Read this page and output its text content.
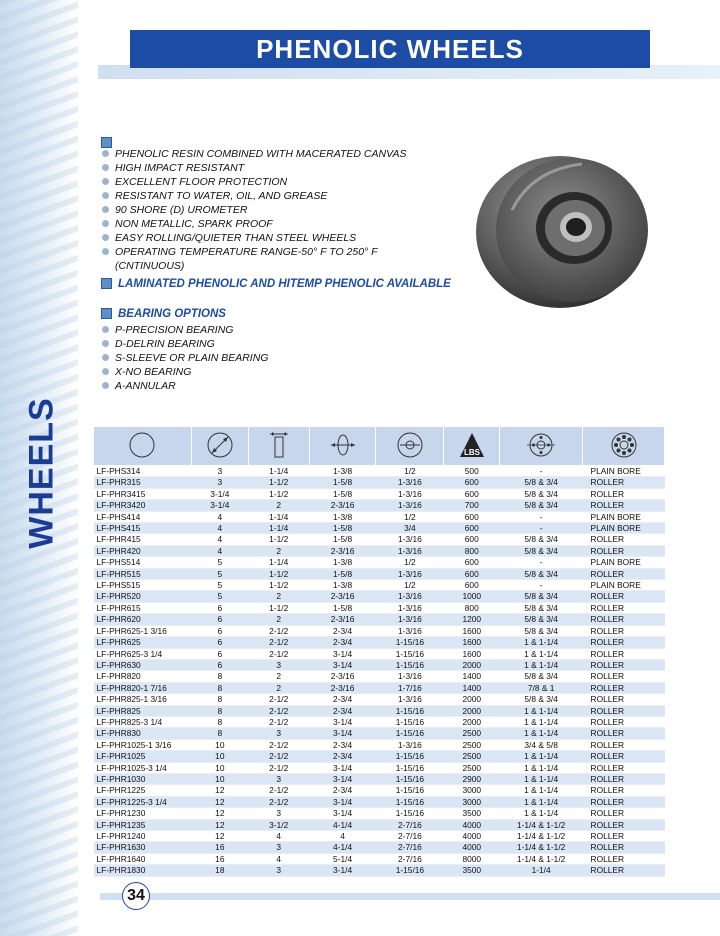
WHEELS
PHENOLIC WHEELS
PHENOLIC RESIN COMBINED WITH MACERATED CANVAS
HIGH IMPACT RESISTANT
EXCELLENT FLOOR PROTECTION
RESISTANT TO WATER, OIL, AND GREASE
90 SHORE (D) UROMETER
NON METALLIC, SPARK PROOF
EASY ROLLING/QUIETER THAN STEEL WHEELS
OPERATING TEMPERATURE RANGE-50° F TO 250° F
(CNTINUOUS)
LAMINATED PHENOLIC AND HITEMP PHENOLIC AVAILABLE
BEARING OPTIONS
P-PRECISION BEARING
D-DELRIN BEARING
S-SLEEVE OR PLAIN BEARING
X-NO BEARING
A-ANNULAR

LBS

LF-PHS314	3	1-1/4	1-3/8	1/2	500	-	PLAIN BORE
LF-PHR315	3	1-1/2	1-5/8	1-3/16	600	5/8 & 3/4	ROLLER
LF-PHR3415	3-1/4	1-1/2	1-5/8	1-3/16	600	5/8 & 3/4	ROLLER
LF-PHR3420	3-1/4	2	2-3/16	1-3/16	700	5/8 & 3/4	ROLLER
LF-PHS414	4	1-1/4	1-3/8	1/2	600	-	PLAIN BORE
LF-PHS415	4	1-1/4	1-5/8	3/4	600	-	PLAIN BORE
LF-PHR415	4	1-1/2	1-5/8	1-3/16	600	5/8 & 3/4	ROLLER
LF-PHR420	4	2	2-3/16	1-3/16	800	5/8 & 3/4	ROLLER
LF-PHS514	5	1-1/4	1-3/8	1/2	600	-	PLAIN BORE
LF-PHR515	5	1-1/2	1-5/8	1-3/16	600	5/8 & 3/4	ROLLER
LF-PHS515	5	1-1/2	1-3/8	1/2	600	-	PLAIN BORE
LF-PHR520	5	2	2-3/16	1-3/16	1000	5/8 & 3/4	ROLLER
LF-PHR615	6	1-1/2	1-5/8	1-3/16	800	5/8 & 3/4	ROLLER
LF-PHR620	6	2	2-3/16	1-3/16	1200	5/8 & 3/4	ROLLER
LF-PHR625-1 3/16	6	2-1/2	2-3/4	1-3/16	1600	5/8 & 3/4	ROLLER
LF-PHR625	6	2-1/2	2-3/4	1-15/16	1600	1 & 1-1/4	ROLLER
LF-PHR625-3 1/4	6	2-1/2	3-1/4	1-15/16	1600	1 & 1-1/4	ROLLER
LF-PHR630	6	3	3-1/4	1-15/16	2000	1 & 1-1/4	ROLLER
LF-PHR820	8	2	2-3/16	1-3/16	1400	5/8 & 3/4	ROLLER
LF-PHR820-1 7/16	8	2	2-3/16	1-7/16	1400	7/8 & 1	ROLLER
LF-PHR825-1 3/16	8	2-1/2	2-3/4	1-3/16	2000	5/8 & 3/4	ROLLER
LF-PHR825	8	2-1/2	2-3/4	1-15/16	2000	1 & 1-1/4	ROLLER
LF-PHR825-3 1/4	8	2-1/2	3-1/4	1-15/16	2000	1 & 1-1/4	ROLLER
LF-PHR830	8	3	3-1/4	1-15/16	2500	1 & 1-1/4	ROLLER
LF-PHR1025-1 3/16	10	2-1/2	2-3/4	1-3/16	2500	3/4 & 5/8	ROLLER
LF-PHR1025	10	2-1/2	2-3/4	1-15/16	2500	1 & 1-1/4	ROLLER
LF-PHR1025-3 1/4	10	2-1/2	3-1/4	1-15/16	2500	1 & 1-1/4	ROLLER
LF-PHR1030	10	3	3-1/4	1-15/16	2900	1 & 1-1/4	ROLLER
LF-PHR1225	12	2-1/2	2-3/4	1-15/16	3000	1 & 1-1/4	ROLLER
LF-PHR1225-3 1/4	12	2-1/2	3-1/4	1-15/16	3000	1 & 1-1/4	ROLLER
LF-PHR1230	12	3	3-1/4	1-15/16	3500	1 & 1-1/4	ROLLER
LF-PHR1235	12	3-1/2	4-1/4	2-7/16	4000	1-1/4 & 1-1/2	ROLLER
LF-PHR1240	12	4	4	2-7/16	4000	1-1/4 & 1-1/2	ROLLER
LF-PHR1630	16	3	4-1/4	2-7/16	4000	1-1/4 & 1-1/2	ROLLER
LF-PHR1640	16	4	5-1/4	2-7/16	8000	1-1/4 & 1-1/2	ROLLER
LF-PHR1830	18	3	3-1/4	1-15/16	3500	1-1/4	ROLLER
34
